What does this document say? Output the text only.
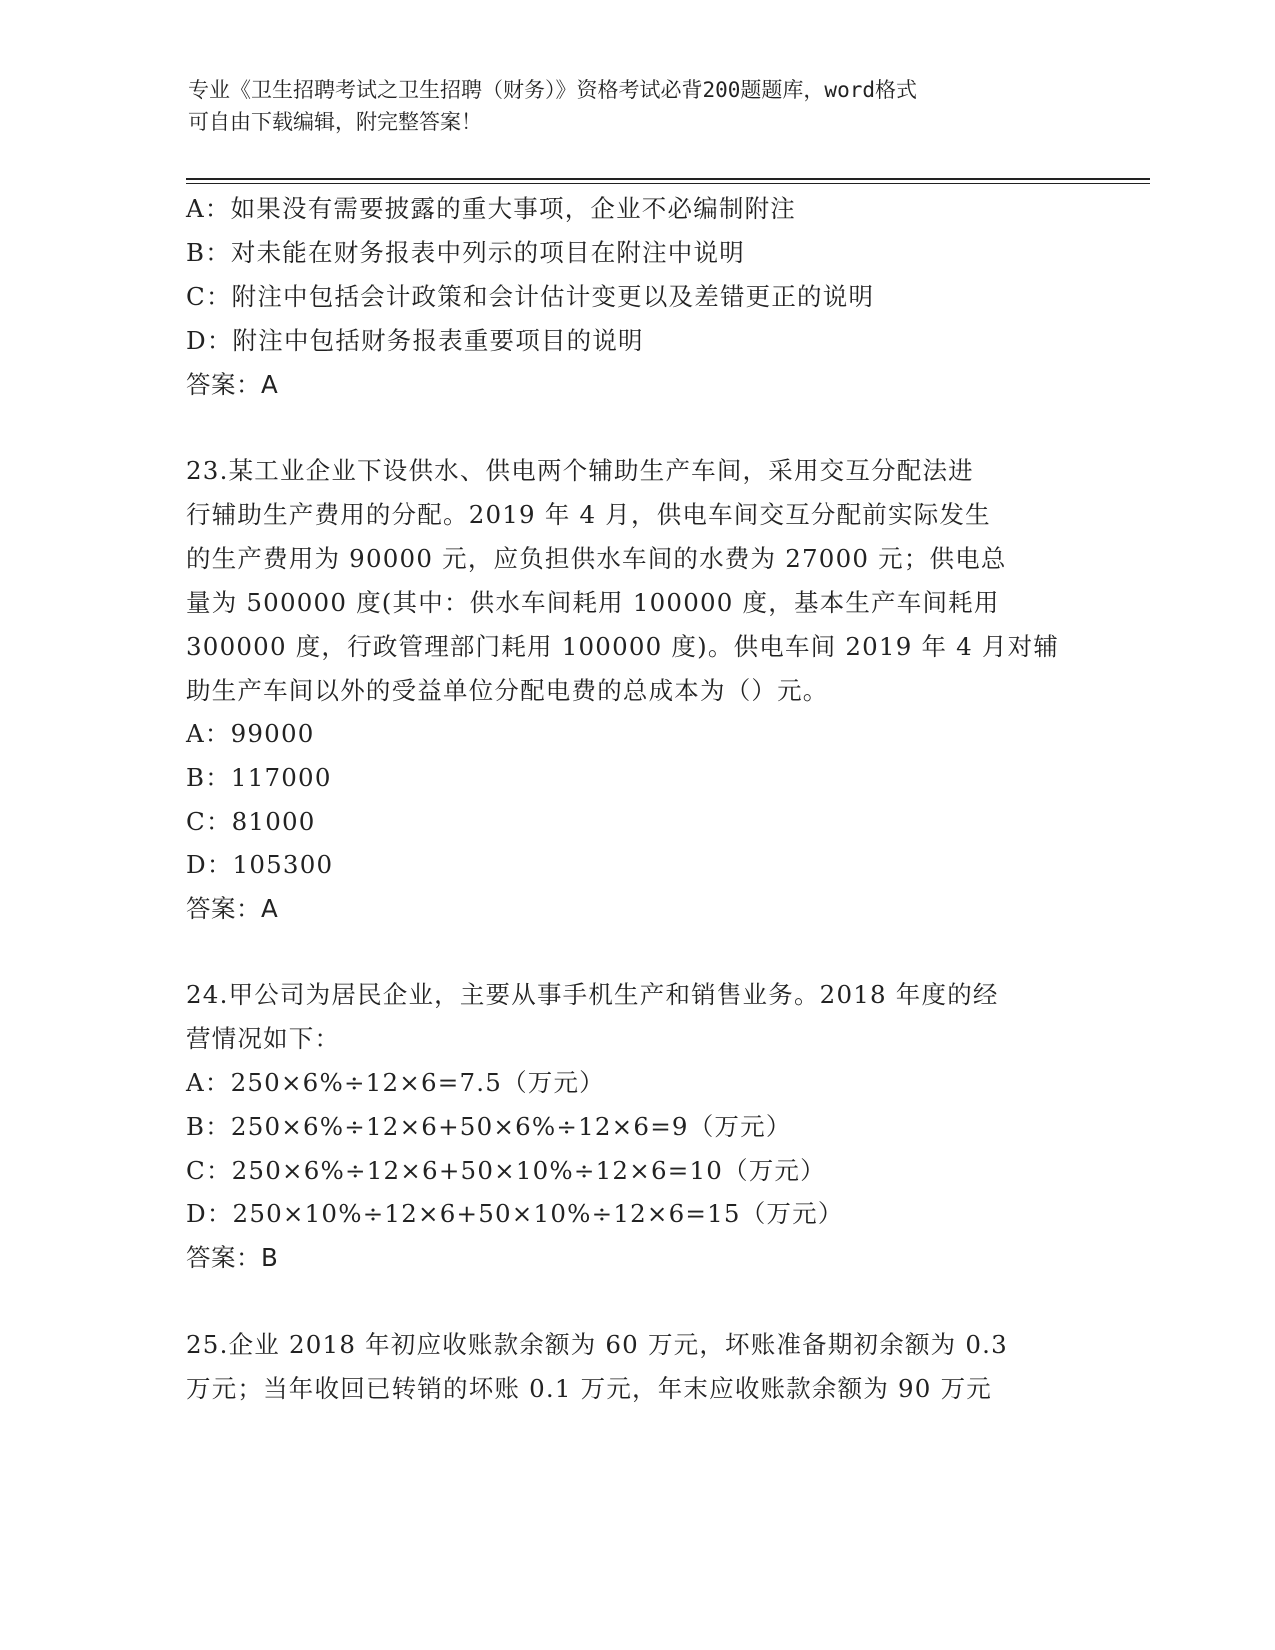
专业《卫生招聘考试之卫生招聘（财务）》资格考试必背200题题库，word格式
可自由下载编辑，附完整答案！
A：如果没有需要披露的重大事项，企业不必编制附注
B：对未能在财务报表中列示的项目在附注中说明
C：附注中包括会计政策和会计估计变更以及差错更正的说明
D：附注中包括财务报表重要项目的说明
答案：A
23.某工业企业下设供水、供电两个辅助生产车间，采用交互分配法进
行辅助生产费用的分配。2019 年 4 月，供电车间交互分配前实际发生
的生产费用为 90000 元，应负担供水车间的水费为 27000 元；供电总
量为 500000 度(其中：供水车间耗用 100000 度，基本生产车间耗用
300000 度，行政管理部门耗用 100000 度)。供电车间 2019 年 4 月对辅
助生产车间以外的受益单位分配电费的总成本为（）元。
A：99000
B：117000
C：81000
D：105300
答案：A
24.甲公司为居民企业，主要从事手机生产和销售业务。2018 年度的经
营情况如下：
A：250×6%÷12×6=7.5（万元）
B：250×6%÷12×6+50×6%÷12×6=9（万元）
C：250×6%÷12×6+50×10%÷12×6=10（万元）
D：250×10%÷12×6+50×10%÷12×6=15（万元）
答案：B
25.企业 2018 年初应收账款余额为 60 万元，坏账准备期初余额为 0.3
万元；当年收回已转销的坏账 0.1 万元，年末应收账款余额为 90 万元
